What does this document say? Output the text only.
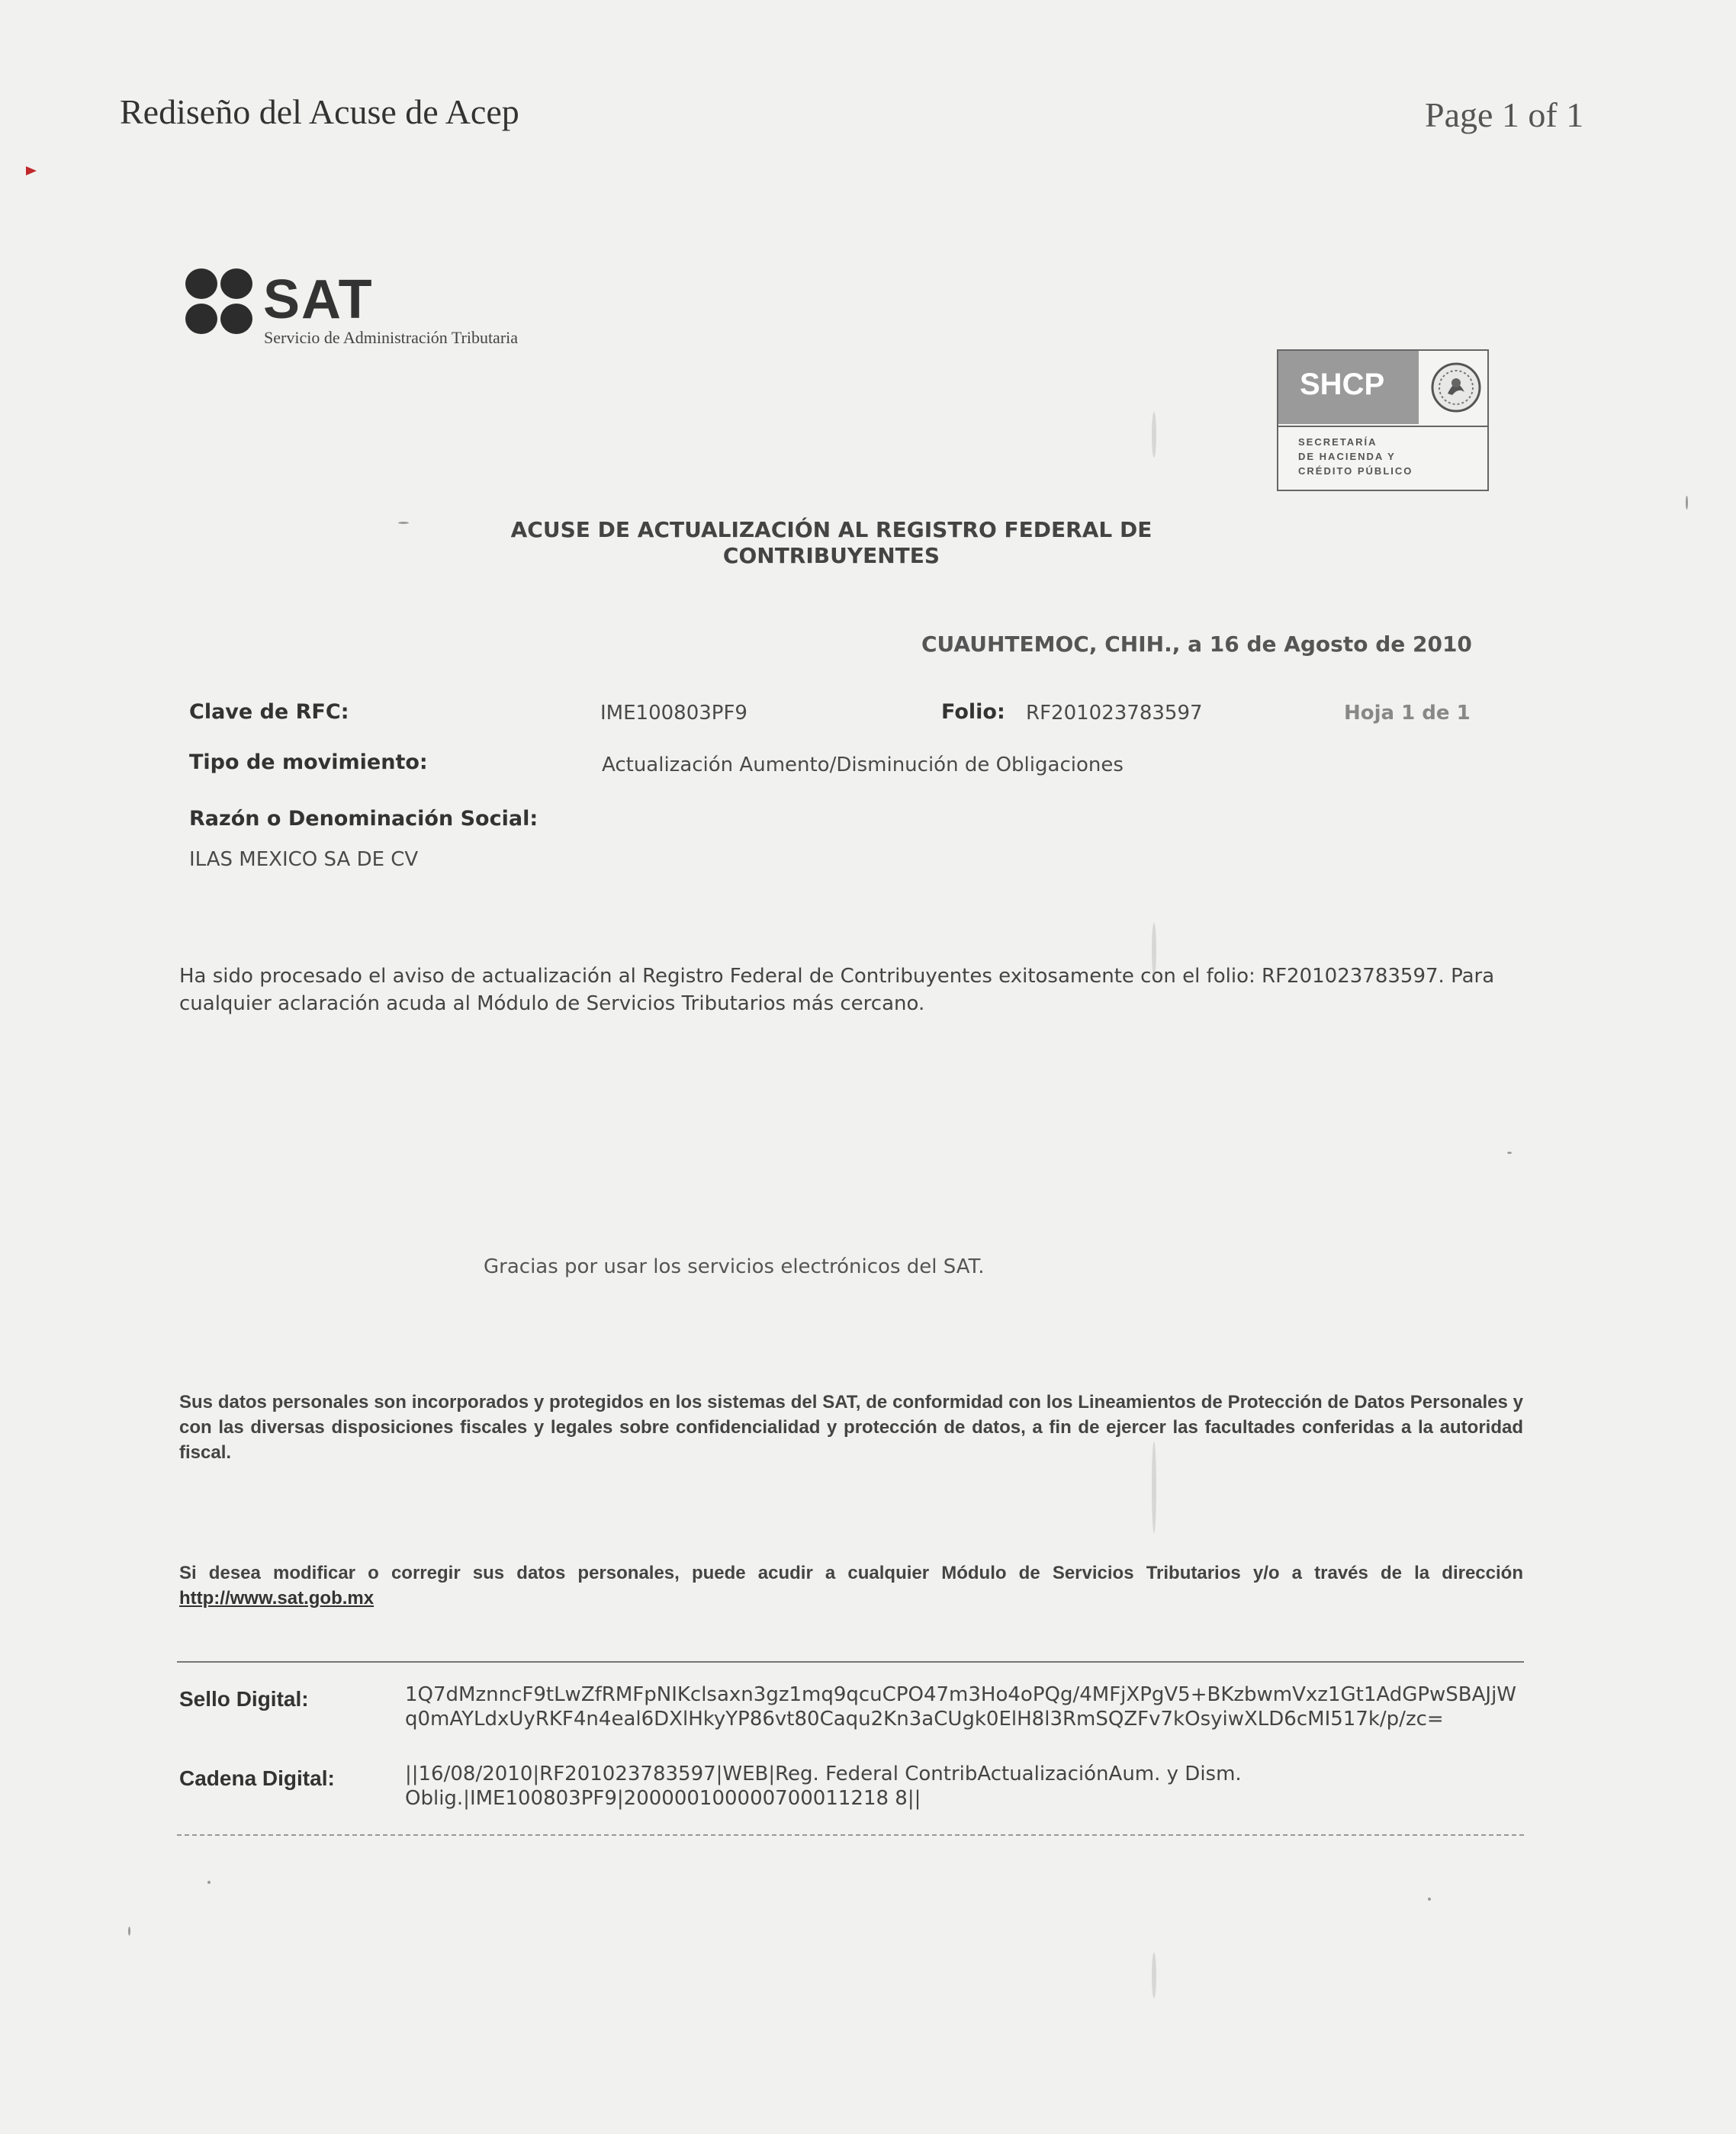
Rediseño del Acuse de Acep	Page 1 of 1
SAT
Servicio de Administración Tributaria
SHCP
SECRETARÍA
DE HACIENDA Y
CRÉDITO PÚBLICO
ACUSE DE ACTUALIZACIÓN AL REGISTRO FEDERAL DE
CONTRIBUYENTES
CUAUHTEMOC, CHIH., a 16 de Agosto de 2010
Clave de RFC:	IME100803PF9	Folio: RF201023783597	Hoja 1 de 1
Tipo de movimiento:	Actualización Aumento/Disminución de Obligaciones
Razón o Denominación Social:
ILAS MEXICO SA DE CV
Ha sido procesado el aviso de actualización al Registro Federal de Contribuyentes exitosamente con el folio: RF201023783597. Para cualquier aclaración acuda al Módulo de Servicios Tributarios más cercano.
Gracias por usar los servicios electrónicos del SAT.
Sus datos personales son incorporados y protegidos en los sistemas del SAT, de conformidad con los Lineamientos de Protección de Datos Personales y con las diversas disposiciones fiscales y legales sobre confidencialidad y protección de datos, a fin de ejercer las facultades conferidas a la autoridad fiscal.
Si desea modificar o corregir sus datos personales, puede acudir a cualquier Módulo de Servicios Tributarios y/o a través de la dirección http://www.sat.gob.mx
Sello Digital:	1Q7dMznncF9tLwZfRMFpNIKclsaxn3gz1mq9qcuCPO47m3Ho4oPQg/4MFjXPgV5+BKzbwmVxz1Gt1AdGPwSBAJjWq0mAYLdxUyRKF4n4eal6DXlHkyYP86vt80Caqu2Kn3aCUgk0ElH8l3RmSQZFv7kOsyiwXLD6cMI517k/p/zc=
Cadena Digital:	||16/08/2010|RF201023783597|WEB|Reg. Federal ContribActualizaciónAum. y Dism. Oblig.|IME100803PF9|200000100000700011218 8||
